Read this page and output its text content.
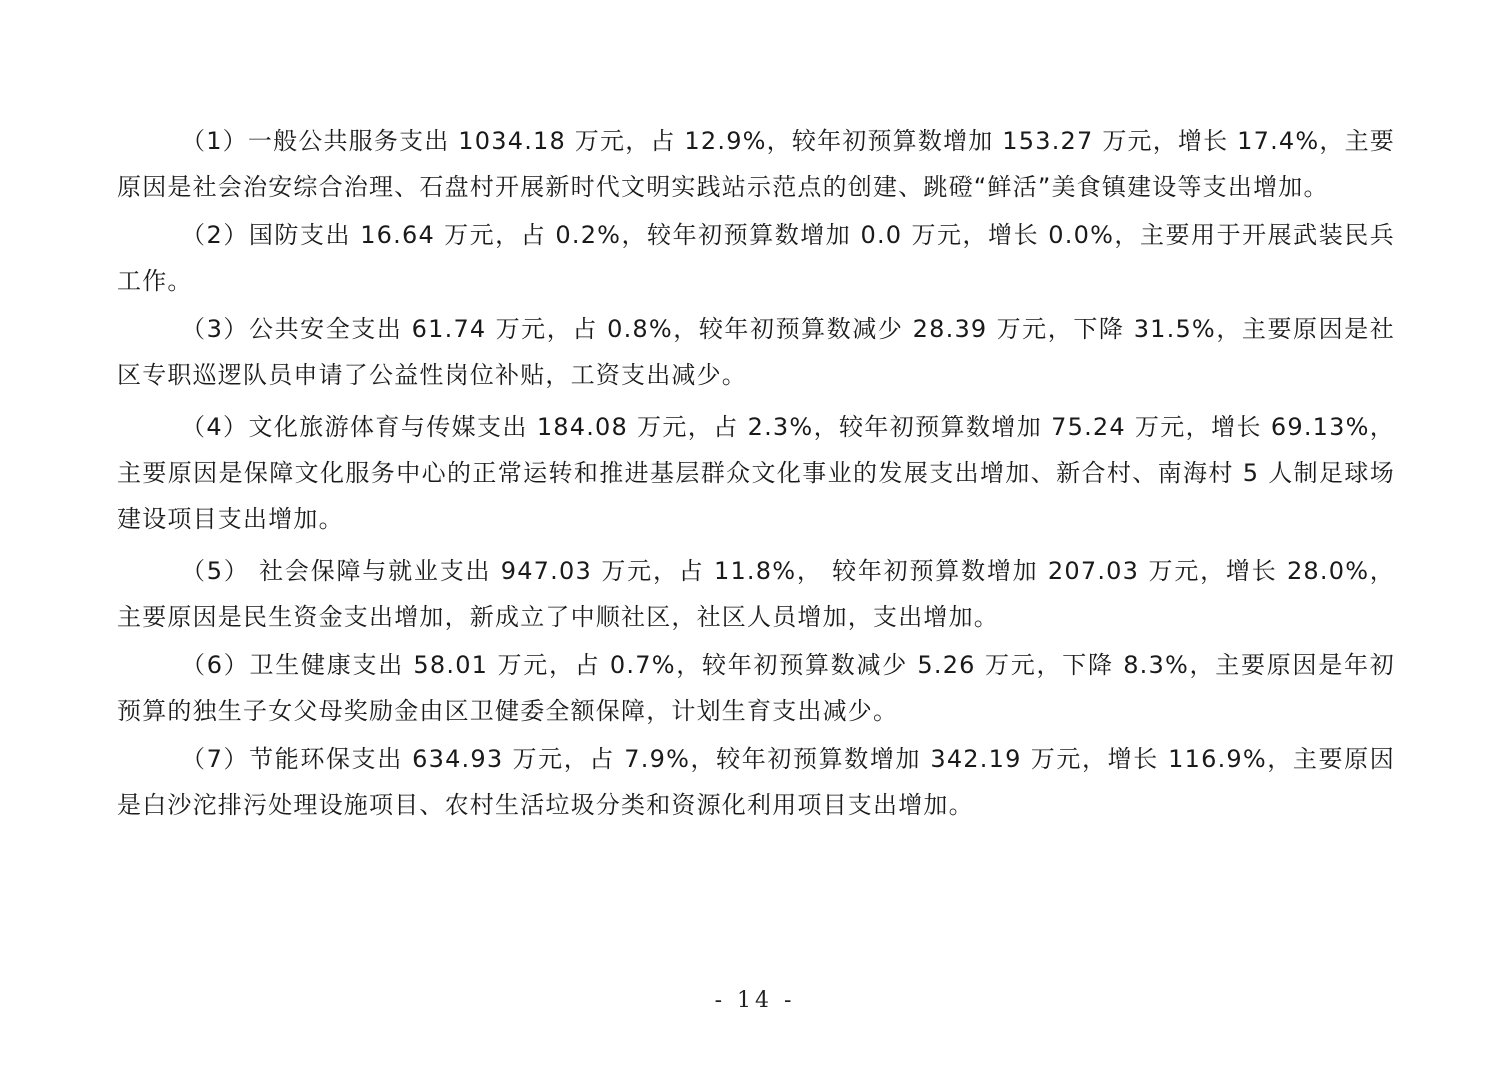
（1）一般公共服务支出 1034.18 万元，占 12.9%，较年初预算数增加 153.27 万元，增长 17.4%，主要原因是社会治安综合治理、石盘村开展新时代文明实践站示范点的创建、跳磴“鲜活”美食镇建设等支出增加。

（2）国防支出 16.64 万元，占 0.2%，较年初预算数增加 0.0 万元，增长 0.0%，主要用于开展武装民兵工作。

（3）公共安全支出 61.74 万元，占 0.8%，较年初预算数减少 28.39 万元，下降 31.5%，主要原因是社区专职巡逻队员申请了公益性岗位补贴，工资支出减少。

（4）文化旅游体育与传媒支出 184.08 万元，占 2.3%，较年初预算数增加 75.24 万元，增长 69.13%，主要原因是保障文化服务中心的正常运转和推进基层群众文化事业的发展支出增加、新合村、南海村 5 人制足球场建设项目支出增加。

（5） 社会保障与就业支出 947.03 万元，占 11.8%， 较年初预算数增加 207.03 万元，增长 28.0%，主要原因是民生资金支出增加，新成立了中顺社区，社区人员增加，支出增加。

（6）卫生健康支出 58.01 万元，占 0.7%，较年初预算数减少 5.26 万元，下降 8.3%，主要原因是年初预算的独生子女父母奖励金由区卫健委全额保障，计划生育支出减少。

（7）节能环保支出 634.93 万元，占 7.9%，较年初预算数增加 342.19 万元，增长 116.9%，主要原因是白沙沱排污处理设施项目、农村生活垃圾分类和资源化利用项目支出增加。

- 14 -
